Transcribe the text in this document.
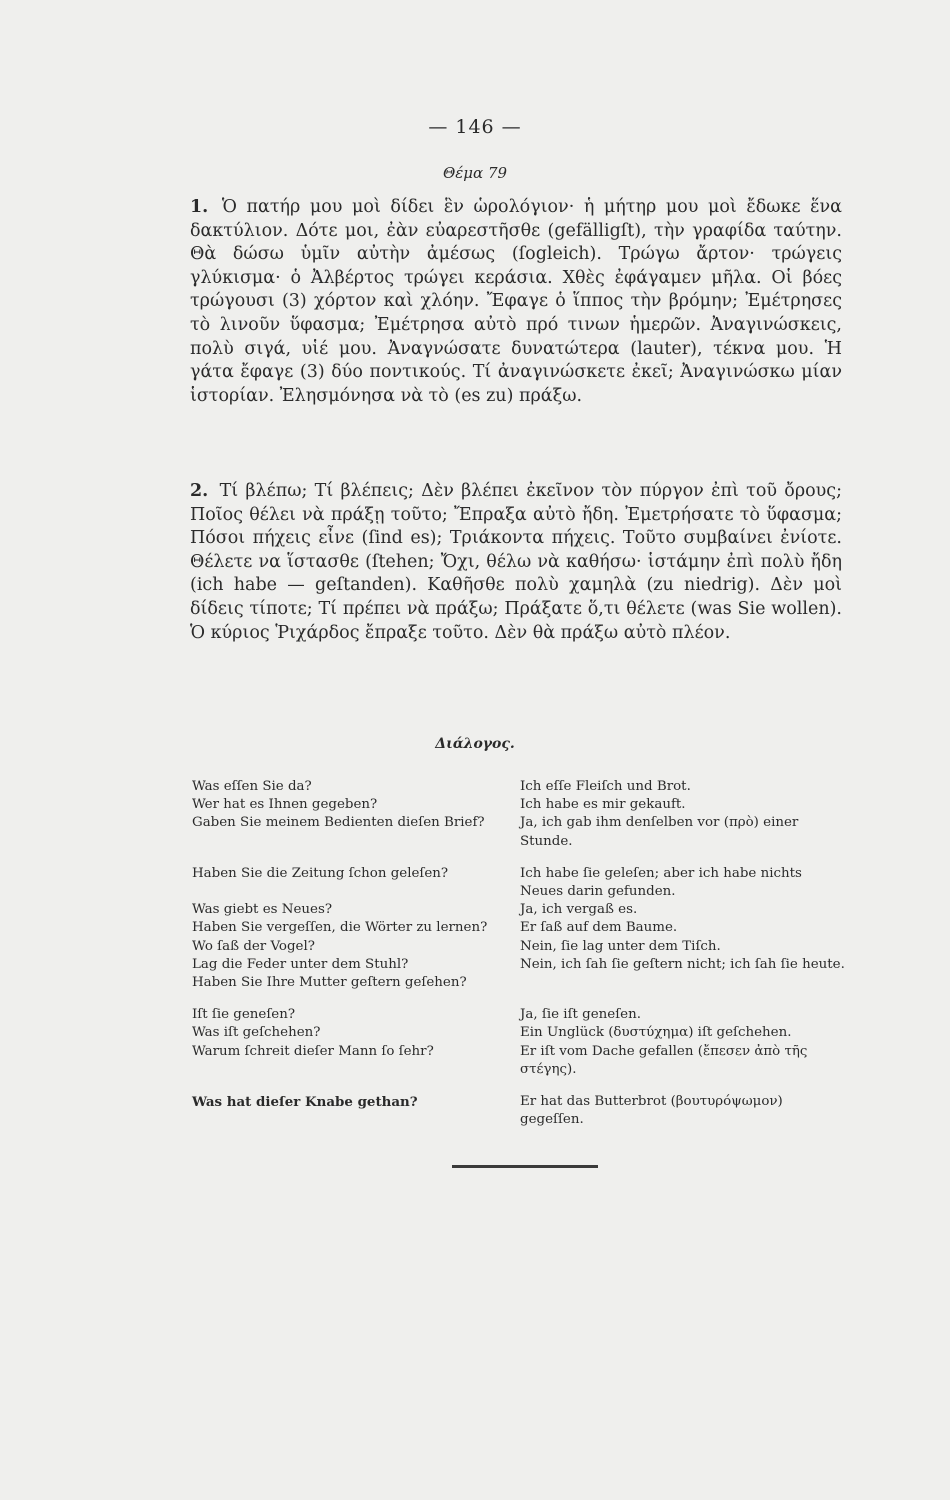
— 146 —
Θέμα 79
1. Ὁ πατήρ μου μοὶ δίδει ἓν ὡρολόγιον· ἡ μήτηρ μου μοὶ ἔδωκε ἕνα δακτύλιον. Δότε μοι, ἐὰν εὐαρεστῆσθε (gefälligſt), τὴν γραφίδα ταύτην. Θὰ δώσω ὑμῖν αὐτὴν ἀμέσως (ſogleich). Τρώγω ἄρτον· τρώγεις γλύκισμα· ὁ Ἀλβέρτος τρώγει κεράσια. Χθὲς ἐφάγαμεν μῆλα. Οἱ βόες τρώγουσι (3) χόρτον καὶ χλόην. Ἔφαγε ὁ ἵππος τὴν βρόμην; Ἐμέτρησες τὸ λινοῦν ὕφασμα; Ἐμέτρησα αὐτὸ πρό τινων ἡμερῶν. Ἀναγινώσκεις, πολὺ σιγά, υἱέ μου. Ἀναγνώσατε δυνατώτερα (lauter), τέκνα μου. Ἡ γάτα ἔφαγε (3) δύο ποντικούς. Τί ἀναγινώσκετε ἐκεῖ; Ἀναγινώσκω μίαν ἱστορίαν. Ἐλησμόνησα νὰ τὸ (es zu) πράξω.
2. Τί βλέπω; Τί βλέπεις; Δὲν βλέπει ἐκεῖνον τὸν πύργον ἐπὶ τοῦ ὄρους; Ποῖος θέλει νὰ πράξῃ τοῦτο; Ἔπραξα αὐτὸ ἤδη. Ἐμετρήσατε τὸ ὕφασμα; Πόσοι πήχεις εἶνε (ſind es); Τριάκοντα πήχεις. Τοῦτο συμβαίνει ἐνίοτε. Θέλετε να ἵστασθε (ſtehen; Ὄχι, θέλω νὰ καθήσω· ἱστάμην ἐπὶ πολὺ ἤδη (ich habe — geſtanden). Καθῆσθε πολὺ χαμηλὰ (zu niedrig). Δὲν μοὶ δίδεις τίποτε; Τί πρέπει νὰ πράξω; Πράξατε ὅ,τι θέλετε (was Sie wollen). Ὁ κύριος Ῥιχάρδος ἔπραξε τοῦτο. Δὲν θὰ πράξω αὐτὸ πλέον.
Διάλογος.
Was eſſen Sie da?	Ich eſſe Fleiſch und Brot.
Wer hat es Ihnen gegeben?	Ich habe es mir gekauft.
Gaben Sie meinem Bedienten dieſen Brief?	Ja, ich gab ihm denſelben vor (πρὸ) einer Stunde.
Haben Sie die Zeitung ſchon geleſen?	Ich habe ſie geleſen; aber ich habe nichts Neues darin gefunden.
Was giebt es Neues?	Ja, ich vergaß es.
Haben Sie vergeſſen, die Wörter zu lernen?	Er ſaß auf dem Baume.
Wo ſaß der Vogel?	Nein, ſie lag unter dem Tiſch.
Lag die Feder unter dem Stuhl?	Nein, ich ſah ſie geſtern nicht; ich ſah ſie heute.
Haben Sie Ihre Mutter geſtern geſehen?
Iſt ſie geneſen?	Ja, ſie iſt geneſen.
Was iſt geſchehen?	Ein Unglück (δυστύχημα) iſt geſchehen.
Warum ſchreit dieſer Mann ſo ſehr?	Er iſt vom Dache gefallen (ἔπεσεν ἀπὸ τῆς στέγης).
Was hat dieſer Knabe gethan?	Er hat das Butterbrot (βουτυρόψωμον) gegeſſen.
